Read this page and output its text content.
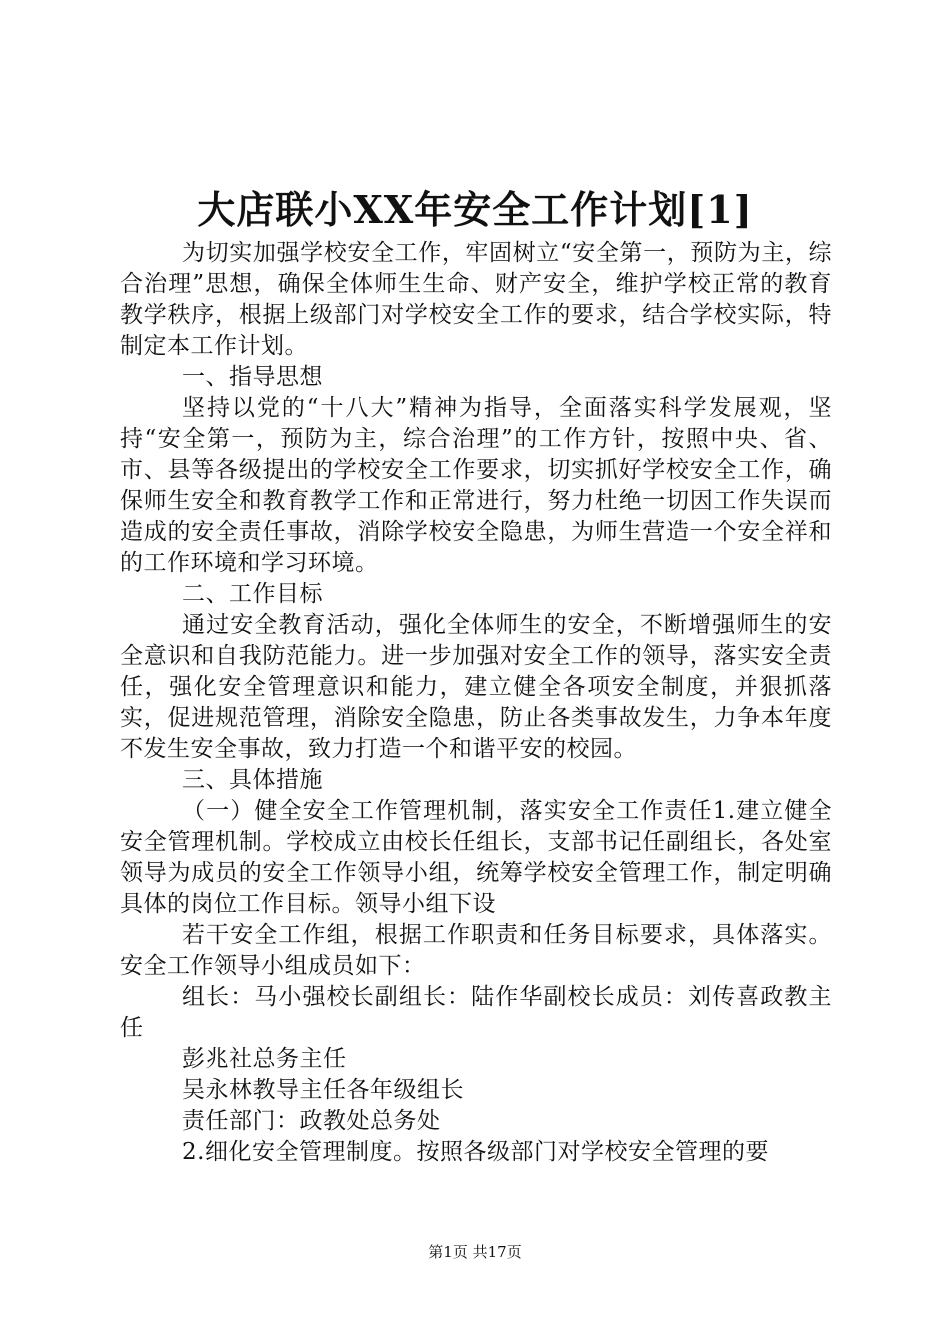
大店联小XX年安全工作计划[1]

为切实加强学校安全工作，牢固树立“安全第一，预防为主，综合治理”思想，确保全体师生生命、财产安全，维护学校正常的教育教学秩序，根据上级部门对学校安全工作的要求，结合学校实际，特制定本工作计划。

一、指导思想

坚持以党的“十八大”精神为指导，全面落实科学发展观，坚持“安全第一，预防为主，综合治理”的工作方针，按照中央、省、市、县等各级提出的学校安全工作要求，切实抓好学校安全工作，确保师生安全和教育教学工作和正常进行，努力杜绝一切因工作失误而造成的安全责任事故，消除学校安全隐患，为师生营造一个安全祥和的工作环境和学习环境。

二、工作目标

通过安全教育活动，强化全体师生的安全，不断增强师生的安全意识和自我防范能力。进一步加强对安全工作的领导，落实安全责任，强化安全管理意识和能力，建立健全各项安全制度，并狠抓落实，促进规范管理，消除安全隐患，防止各类事故发生，力争本年度不发生安全事故，致力打造一个和谐平安的校园。

三、具体措施

（一）健全安全工作管理机制，落实安全工作责任1.建立健全安全管理机制。学校成立由校长任组长，支部书记任副组长，各处室领导为成员的安全工作领导小组，统筹学校安全管理工作，制定明确具体的岗位工作目标。领导小组下设

若干安全工作组，根据工作职责和任务目标要求，具体落实。安全工作领导小组成员如下：

组长：马小强校长副组长：陆作华副校长成员：刘传喜政教主任

彭兆社总务主任

吴永林教导主任各年级组长

责任部门：政教处总务处

2.细化安全管理制度。按照各级部门对学校安全管理的要

第1页 共17页
